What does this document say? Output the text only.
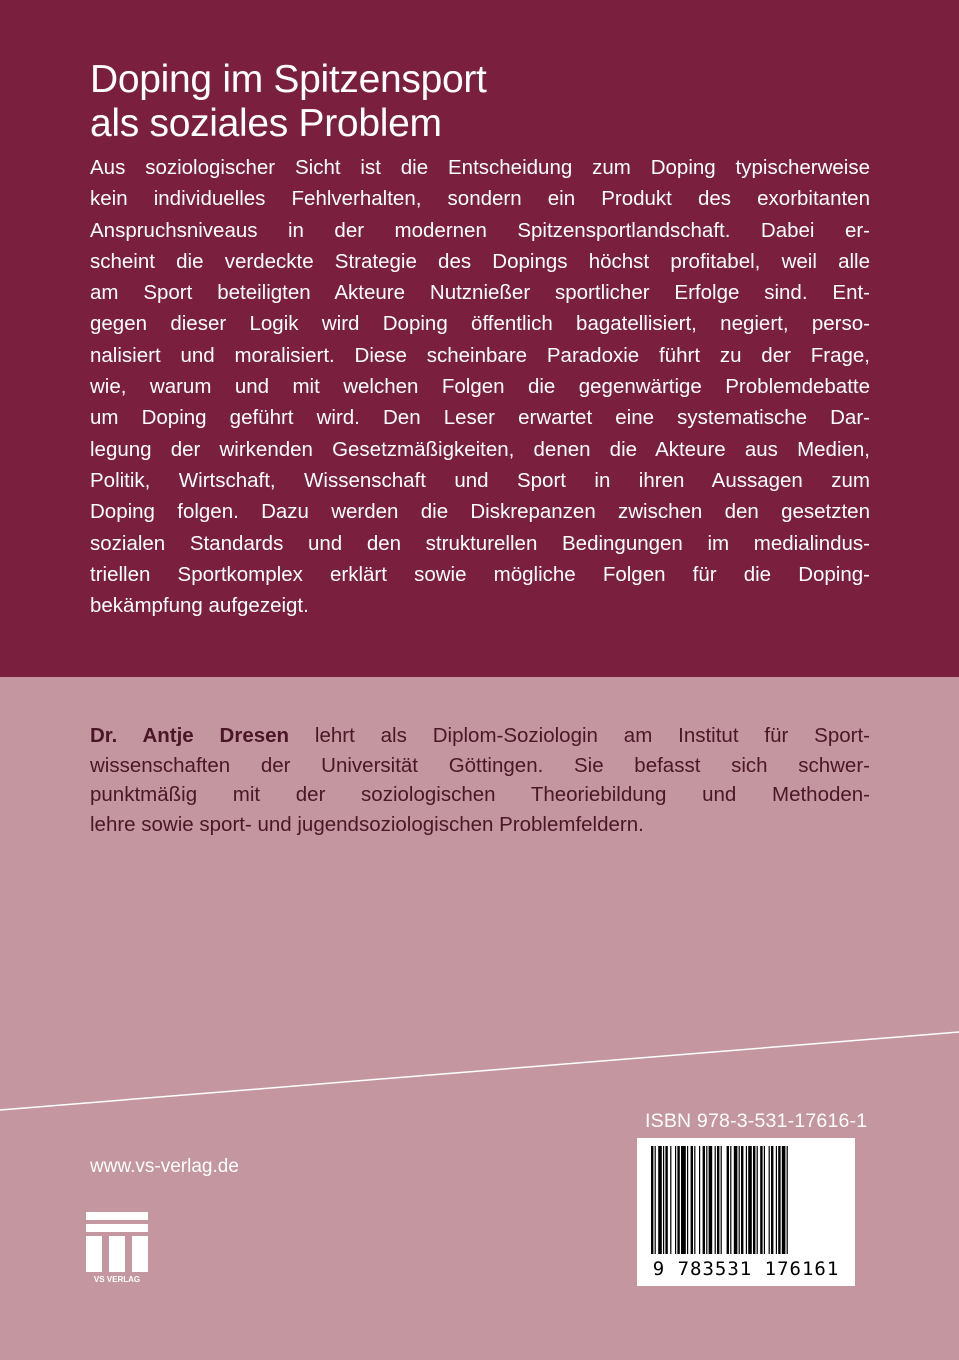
Doping im Spitzensport
als soziales Problem
Aus soziologischer Sicht ist die Entscheidung zum Doping typischerweise
kein individuelles Fehlverhalten, sondern ein Produkt des exorbitanten
Anspruchsniveaus in der modernen Spitzensportlandschaft. Dabei er-
scheint die verdeckte Strategie des Dopings höchst profitabel, weil alle
am Sport beteiligten Akteure Nutznießer sportlicher Erfolge sind. Ent-
gegen dieser Logik wird Doping öffentlich bagatellisiert, negiert, perso-
nalisiert und moralisiert. Diese scheinbare Paradoxie führt zu der Frage,
wie, warum und mit welchen Folgen die gegenwärtige Problemdebatte
um Doping geführt wird. Den Leser erwartet eine systematische Dar-
legung der wirkenden Gesetzmäßigkeiten, denen die Akteure aus Medien,
Politik, Wirtschaft, Wissenschaft und Sport in ihren Aussagen zum
Doping folgen. Dazu werden die Diskrepanzen zwischen den gesetzten
sozialen Standards und den strukturellen Bedingungen im medialindus-
triellen Sportkomplex erklärt sowie mögliche Folgen für die Doping-
bekämpfung aufgezeigt.
Dr. Antje Dresen lehrt als Diplom-Soziologin am Institut für Sport-
wissenschaften der Universität Göttingen. Sie befasst sich schwer-
punktmäßig mit der soziologischen Theoriebildung und Methoden-
lehre sowie sport- und jugendsoziologischen Problemfeldern.
www.vs-verlag.de
VS VERLAG
ISBN 978-3-531-17616-1
9 783531 176161
